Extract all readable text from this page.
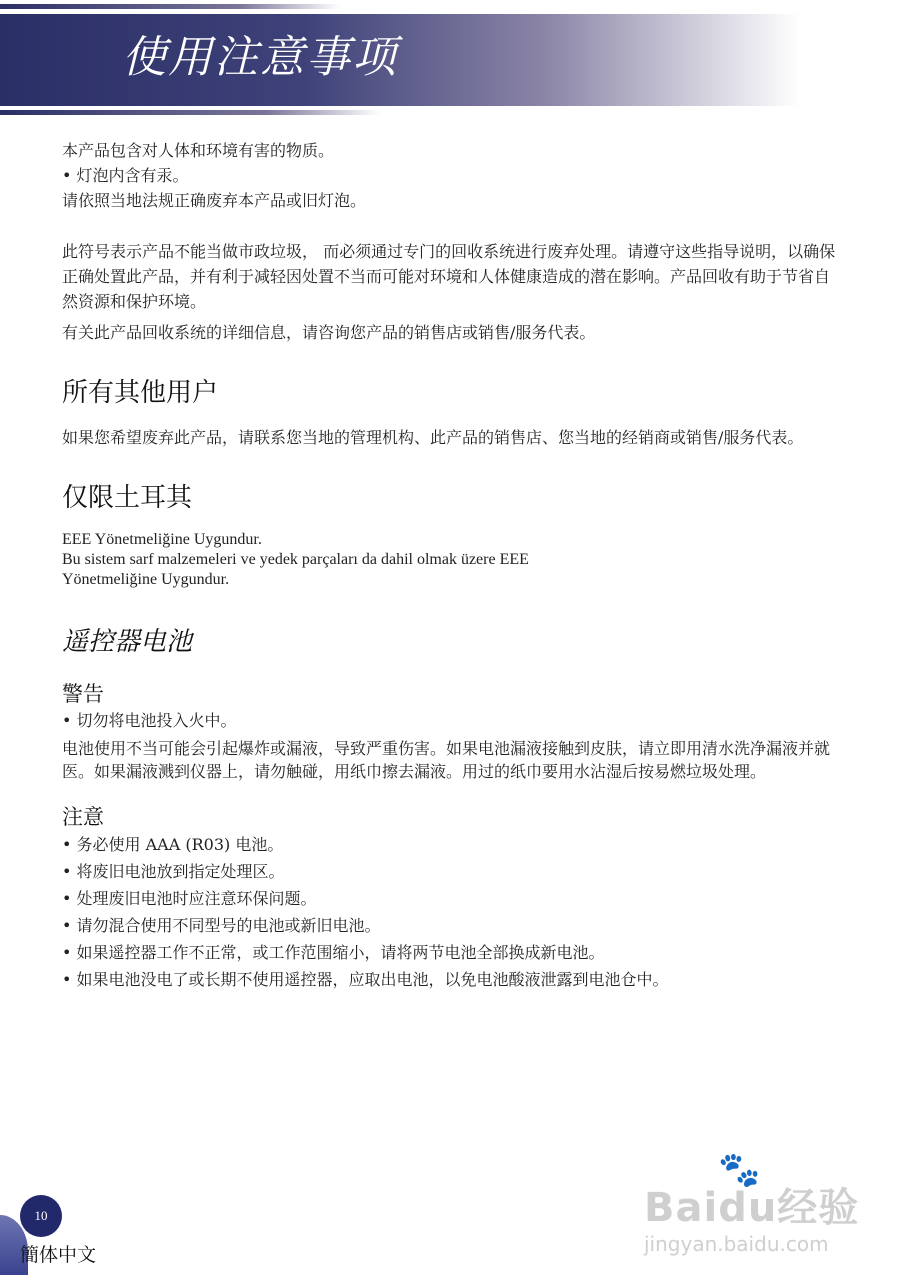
使用注意事项

本产品包含对人体和环境有害的物质。

• 灯泡内含有汞。

请依照当地法规正确废弃本产品或旧灯泡。

此符号表示产品不能当做市政垃圾， 而必须通过专门的回收系统进行废弃处理。请遵守这些指导说明，以确保正确处置此产品，并有利于减轻因处置不当而可能对环境和人体健康造成的潜在影响。产品回收有助于节省自然资源和保护环境。

有关此产品回收系统的详细信息，请咨询您产品的销售店或销售/服务代表。

所有其他用户

如果您希望废弃此产品，请联系您当地的管理机构、此产品的销售店、您当地的经销商或销售/服务代表。

仅限土耳其
EEE Yönetmeliğine Uygundur.
Bu sistem sarf malzemeleri ve yedek parçaları da dahil olmak üzere EEE
Yönetmeliğine Uygundur.
遥控器电池
警告

• 切勿将电池投入火中。

电池使用不当可能会引起爆炸或漏液，导致严重伤害。如果电池漏液接触到皮肤，请立即用清水洗净漏液并就医。如果漏液溅到仪器上，请勿触碰，用纸巾擦去漏液。用过的纸巾要用水沾湿后按易燃垃圾处理。

注意
• 务必使用 AAA (R03) 电池。
• 将废旧电池放到指定处理区。
• 处理废旧电池时应注意环保问题。
• 请勿混合使用不同型号的电池或新旧电池。
• 如果遥控器工作不正常，或工作范围缩小，请将两节电池全部换成新电池。
• 如果电池没电了或长期不使用遥控器，应取出电池，以免电池酸液泄露到电池仓中。
10
簡体中文
🐾
Baidu经验
jingyan.baidu.com
